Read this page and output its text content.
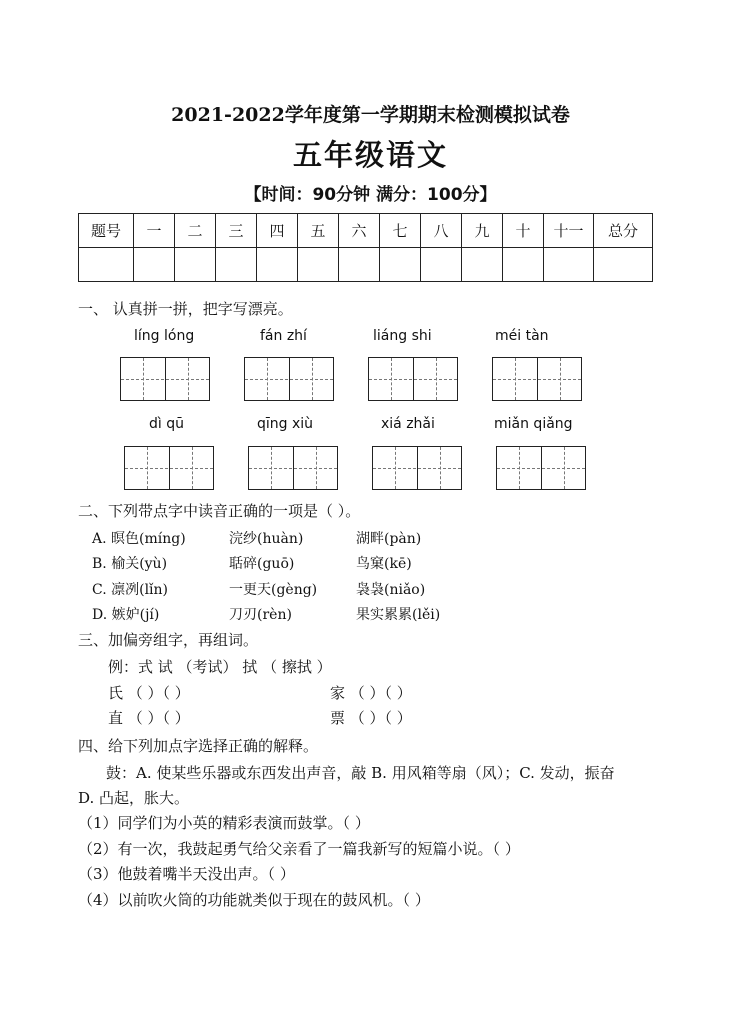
2021-2022学年度第一学期期末检测模拟试卷
五年级语文
【时间：90分钟 满分：100分】
题号	一	二	三	四	五	六	七	八	九	十	十一	总分

一、 认真拼一拼，把字写漂亮。
líng lóng	fán zhí	liáng shi	méi tàn
dì qū	qīng xiù	xiá zhǎi	miǎn qiǎng
二、下列带点字中读音正确的一项是（ ）。
A. 暝色(míng)	浣纱(huàn)	湖畔(pàn)
B. 榆关(yù)	聒碎(guō)	鸟窠(kē)
C. 凛冽(lǐn)	一更天(gèng)	袅袅(niǎo)
D. 嫉妒(jí)	刀刃(rèn)	果实累累(lěi)
三、加偏旁组字，再组词。
例：式 试 （考试） 拭 （ 擦拭 ）
氏 （ ）（ ）	家 （ ）（ ）
直 （ ）（ ）	票 （ ）（ ）
四、给下列加点字选择正确的解释。
鼓：A. 使某些乐器或东西发出声音，敲 B. 用风箱等扇（风）；C. 发动，振奋
D. 凸起，胀大。
（1）同学们为小英的精彩表演而鼓掌。（ ）
（2）有一次，我鼓起勇气给父亲看了一篇我新写的短篇小说。（ ）
（3）他鼓着嘴半天没出声。（ ）
（4）以前吹火筒的功能就类似于现在的鼓风机。（ ）
